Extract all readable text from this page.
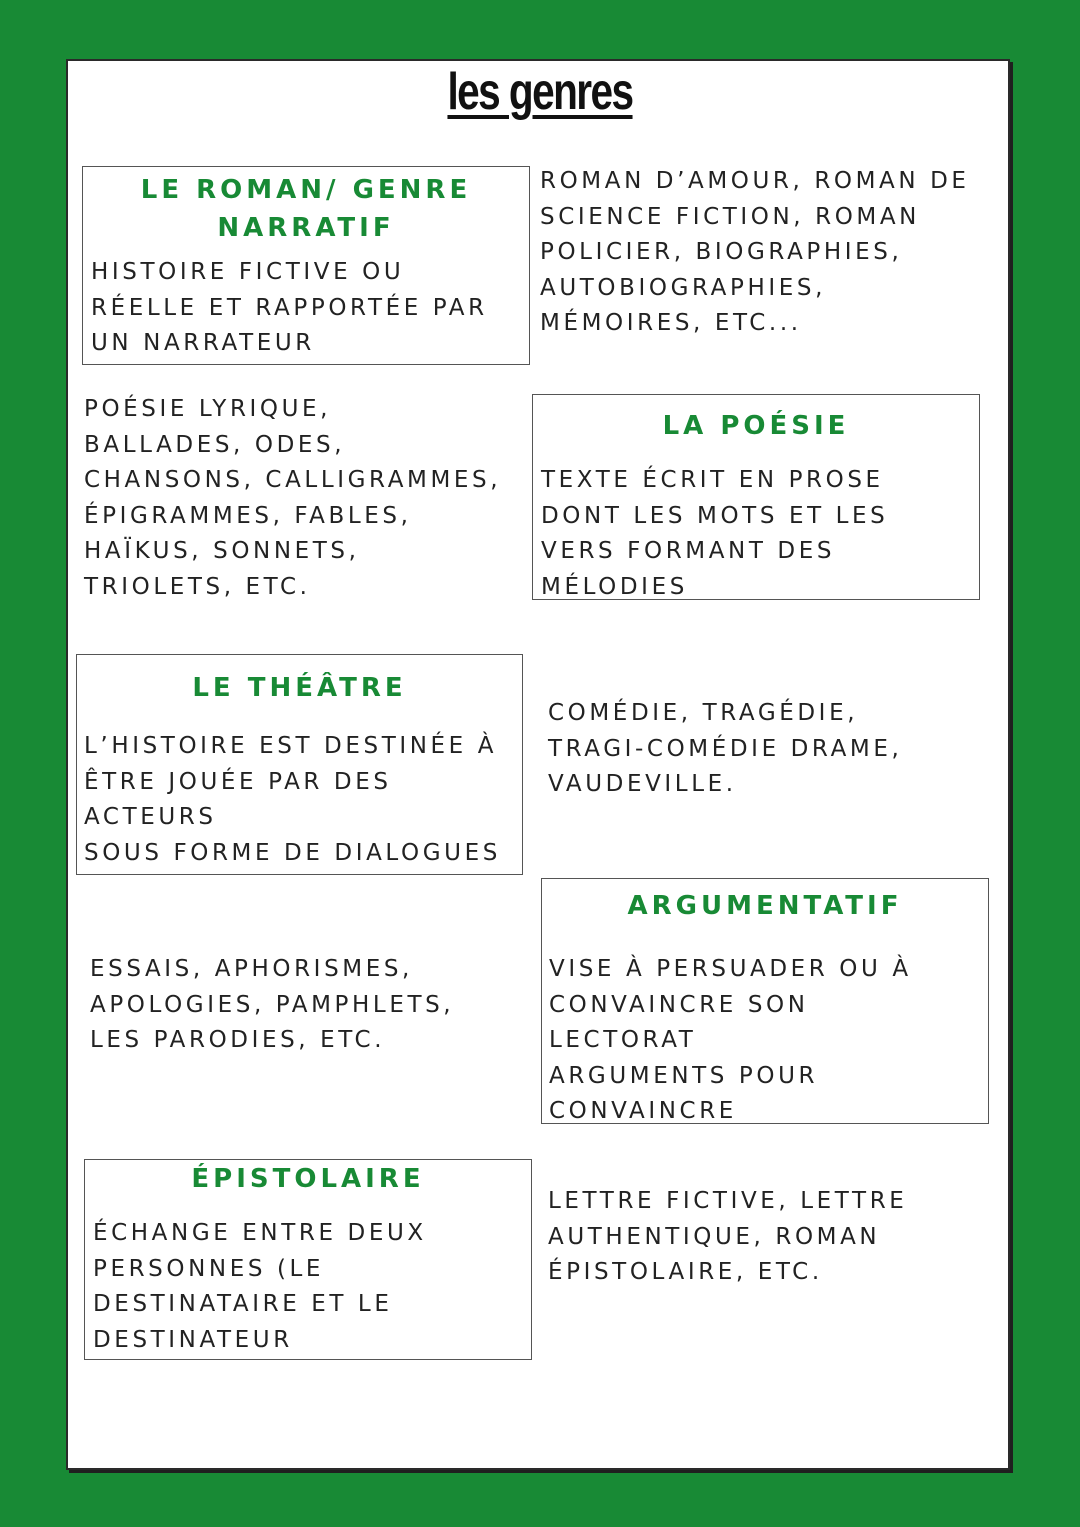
les genres
LE ROMAN/ GENRE
NARRATIF
HISTOIRE FICTIVE OU
RÉELLE ET RAPPORTÉE PAR
UN NARRATEUR
ROMAN D’AMOUR, ROMAN DE
SCIENCE FICTION, ROMAN
POLICIER, BIOGRAPHIES,
AUTOBIOGRAPHIES,
MÉMOIRES, ETC...
POÉSIE LYRIQUE,
BALLADES, ODES,
CHANSONS, CALLIGRAMMES,
ÉPIGRAMMES, FABLES,
HAÏKUS, SONNETS,
TRIOLETS, ETC.
LA POÉSIE
TEXTE ÉCRIT EN PROSE
DONT LES MOTS ET LES
VERS FORMANT DES
MÉLODIES
LE THÉÂTRE
L’HISTOIRE EST DESTINÉE À
ÊTRE JOUÉE PAR DES
ACTEURS
SOUS FORME DE DIALOGUES
COMÉDIE, TRAGÉDIE,
TRAGI-COMÉDIE DRAME,
VAUDEVILLE.
ESSAIS, APHORISMES,
APOLOGIES, PAMPHLETS,
LES PARODIES, ETC.
ARGUMENTATIF
VISE À PERSUADER OU À
CONVAINCRE SON
LECTORAT
ARGUMENTS POUR
CONVAINCRE
ÉPISTOLAIRE
ÉCHANGE ENTRE DEUX
PERSONNES (LE
DESTINATAIRE ET LE
DESTINATEUR
LETTRE FICTIVE, LETTRE
AUTHENTIQUE, ROMAN
ÉPISTOLAIRE, ETC.
